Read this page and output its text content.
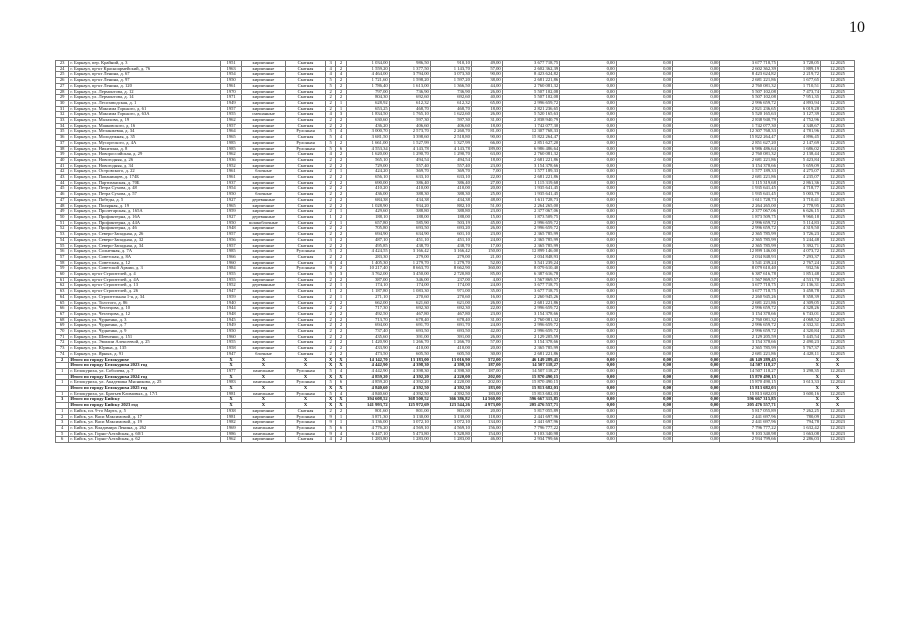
10
23	г. Барнаул, пер. Крайний, д. 3	1951	кирпичные	Скатная	3	2	1 034,00	986,50	910,10	49,00	3 677 718,75	0,00	0,00	0,00	3 677 718,75	3 728,05	12.2025
24	г. Барнаул, пр-кт Красноармейский, д. 76	1963	кирпичные	Скатная	4	2	1 559,20	1 377,50	1 143,70	57,00	2 602 362,39	0,00	0,00	0,00	2 602 362,39	1 889,19	12.2025
25	г. Барнаул, пр-кт Ленина, д. 67	1954	кирпичные	Скатная	4	4	4 464,00	3 794,00	3 073,30	90,00	8 423 624,82	0,00	0,00	0,00	8 423 624,82	2 219,72	12.2025
26	г. Барнаул, пр-кт Ленина, д. 97	1950	кирпичные	Скатная	5	2	1 721,60	1 598,20	1 597,20	38,00	2 681 221,86	0,00	0,00	0,00	2 681 221,86	1 677,65	12.2025
27	г. Барнаул, пр-кт Ленина, д. 120	1961	кирпичные	Скатная	5	2	1 786,40	1 613,00	1 366,50	44,00	2 760 081,32	0,00	0,00	0,00	2 760 081,32	1 710,51	12.2025
28	г. Барнаул, ул. Лермонтова, д. 12	1970	кирпичные	Скатная	2	2	797,00	736,90	736,90	26,00	5 507 102,08	0,00	0,00	0,00	5 507 102,08	7 473,74	12.2025
29	г. Барнаул, ул. Лермонтова, д. 14	1971	кирпичные	Скатная	2	2	804,30	692,60	692,60	40,00	5 507 102,08	0,00	0,00	0,00	5 507 102,08	7 951,35	12.2025
30	г. Барнаул, ул. Лесозаводская, д. 1	1949	кирпичные	Скатная	2	1	628,92	612,32	612,32	65,00	2 996 659,72	0,00	0,00	0,00	2 996 659,72	4 893,94	12.2025
31	г. Барнаул, ул. Максима Горького, д. 61	1957	кирпичные	Скатная	2	1	653,25	468,70	468,70	18,00	2 821 236,65	0,00	0,00	0,00	2 821 236,65	6 019,28	12.2025
32	г. Барнаул, ул. Максима Горького, д. 63А	1955	смешанные	Скатная	4	3	1 834,50	1 765,10	1 622,60	26,00	5 520 165,63	0,00	0,00	0,00	5 520 165,63	3 127,39	12.2025
33	г. Барнаул, ул. Малахова, д. 19	1962	кирпичные	Скатная	2	2	630,60	597,30	597,30	31,00	2 838 940,79	0,00	0,00	0,00	2 838 940,79	4 752,96	12.2025
34	г. Барнаул, ул. Маяковского, д. 16	1957	кирпичные	Скатная	2	2	436,20	406,60	406,60	18,00	1 742 077,30	0,00	0,00	0,00	1 742 077,30	4 348,67	12.2025
35	г. Барнаул, ул. Меланжевая, д. 34	1964	кирпичные	Рулонная	5	4	3 000,70	2 573,70	2 260,70	81,00	12 307 768,33	0,00	0,00	0,00	12 307 768,33	4 781,96	12.2025
36	г. Барнаул, ул. Молодежная, д. 35	1965	кирпичные	Скатная	5	4	3 681,50	3 398,60	2 518,80	90,00	15 822 264,47	0,00	0,00	0,00	15 822 264,47	4 896,45	12.2025
37	г. Барнаул, ул. Мусоргского, д. 4А	1985	кирпичные	Рулонная	5	2	1 661,00	1 527,99	1 327,99	66,00	2 851 627,20	0,00	0,00	0,00	2 851 627,20	2 147,69	12.2025
38	г. Барнаул, ул. Никитина, д. 8	1985	кирпичные	Рулонная	5	6	4 553,34	4 143,78	4 143,78	189,00	6 986 486,64	0,00	0,00	0,00	6 986 486,64	1 686,02	12.2025
39	г. Барнаул, ул. Новороссийская, д. 29	1962	кирпичные	Скатная	4	2	1 620,00	1 290,70	1 290,70	63,00	2 760 081,32	0,00	0,00	0,00	2 760 081,32	2 138,44	12.2025
40	г. Барнаул, ул. Новогодняя, д. 26	1936	кирпичные	Скатная	2	2	565,10	494,54	494,54	18,00	2 681 221,86	0,00	0,00	0,00	2 681 221,86	5 423,84	12.2025
41	г. Барнаул, ул. Новогодняя, д. 34	1952	кирпичные	Скатная	2	2	729,00	557,40	557,40	23,00	3 154 378,66	0,00	0,00	0,00	3 154 378,66	5 659,09	12.2025
42	г. Барнаул, ул. Островского, д. 22	1961	блочные	Скатная	2	1	424,20	369,70	369,70	7,00	1 577 189,33	0,00	0,00	0,00	1 577 189,33	4 275,07	12.2025
43	г. Барнаул, ул. Папанинцев, д. 174Б	1961	кирпичные	Скатная	2	2	656,10	633,10	633,10	22,00	2 681 221,86	0,00	0,00	0,00	2 681 221,86	4 235,07	12.2025
44	г. Барнаул, ул. Партизанская, д. 70Б	1937	кирпичные	Скатная	2	2	690,00	386,40	386,40	27,00	1 115 319,68	0,00	0,00	0,00	1 115 319,68	2 861,36	12.2025
45	г. Барнаул, ул. Петра Сухова, д. 48	1954	кирпичные	Скатная	2	2	410,20	410,00	410,00	20,00	1 935 641,45	0,00	0,00	0,00	1 935 641,45	4 718,77	12.2025
46	г. Барнаул, ул. Петра Сухова, д. 57	1950	блочные	Скатная	2	2	436,00	388,30	388,30	25,00	1 935 641,45	0,00	0,00	0,00	1 935 641,45	5 003,79	12.2025
47	г. Барнаул, ул. Победы, д. 5	1927	деревянные	Скатная	2	2	684,38	434,38	434,38	48,00	1 611 728,73	0,00	0,00	0,00	1 611 728,73	3 710,41	12.2025
48	г. Барнаул, ул. Полярная, д. 19	1965	кирпичные	Скатная	2	2	1 028,90	934,20	882,10	51,00	2 264 265,00	0,00	0,00	0,00	2 264 265,00	2 778,95	12.2025
49	г. Барнаул, ул. Пролетарская, д. 165А	1959	кирпичные	Скатная	2	1	429,60	388,80	388,80	23,00	2 377 067,06	0,00	0,00	0,00	2 377 067,06	6 626,15	12.2025
50	г. Барнаул, ул. Профинтерна, д. 16А	1927	деревянные	Скатная	1	2	188,10	188,00	188,00	15,00	1 873 509,75	0,00	0,00	0,00	1 873 509,75	9 960,18	12.2025
51	г. Барнаул, ул. Профинтерна, д. 44А	1950	шлакоблочные	Скатная	2	1	657,80	585,90	503,19	45,00	2 996 659,72	0,00	0,00	0,00	2 996 659,72	5 114,83	12.2025
52	г. Барнаул, ул. Профинтерна, д. 46	1948	кирпичные	Скатная	2	2	705,80	693,50	693,20	26,00	2 996 659,72	0,00	0,00	0,00	2 996 659,72	4 319,50	12.2025
53	г. Барнаул, ул. Северо-Западная, д. 26	1957	кирпичные	Скатная	2	2	694,90	634,90	601,10	23,00	2 365 785,99	0,00	0,00	0,00	2 365 785,99	3 726,23	12.2025
54	г. Барнаул, ул. Северо-Западная, д. 32	1956	кирпичные	Скатная	3	2	487,10	451,10	451,10	24,00	2 365 785,99	0,00	0,00	0,00	2 365 785,99	5 244,48	12.2025
55	г. Барнаул, ул. Северо-Западная, д. 34	1957	кирпичные	Скатная	2	2	495,85	438,70	438,70	17,00	2 365 785,99	0,00	0,00	0,00	2 365 785,99	5 392,71	12.2025
56	г. Барнаул, ул. Солнечная, д. 7А	1985	кирпичные	Рулонная	5	2	4 424,55	3 166,42	3 166,42	150,00	12 899 146,00	0,00	0,00	0,00	12 899 146,00	4 073,72	12.2025
57	г. Барнаул, ул. Советская, д. 8А	1966	кирпичные	Скатная	2	2	283,30	279,00	279,00	21,00	2 034 848,93	0,00	0,00	0,00	2 034 848,93	7 293,37	12.2025
58	г. Барнаул, ул. Советская, д. 12	1960	кирпичные	Скатная	4	4	1 405,30	1 279,70	1 279,70	52,00	3 541 239,24	0,00	0,00	0,00	3 541 239,24	2 767,24	12.2025
59	г. Барнаул, ул. Советской Армии, д. 3	1984	панельные	Рулонная	9	2	10 217,40	8 663,70	8 662,90	360,00	8 079 610,40	0,00	0,00	0,00	8 079 610,40	932,56	12.2025
60	г. Барнаул, пр-кт Строителей, д. 4	1955	кирпичные	Скатная	5	3	3 762,00	3 450,00	2 720,80	85,00	6 387 616,78	0,00	0,00	0,00	6 387 616,78	1 851,48	12.2025
61	г. Барнаул, пр-кт Строителей, д. 4А	1955	кирпичные	Скатная	2	2	387,00	346,00	237,00	4,00	1 567 869,57	0,00	0,00	0,00	1 567 869,57	4 531,70	12.2025
62	г. Барнаул, пр-кт Строителей, д. 13	1952	деревянные	Скатная	2	1	174,10	174,00	174,00	24,00	3 677 718,75	0,00	0,00	0,00	3 677 718,75	21 136,31	12.2025
63	г. Барнаул, пр-кт Строителей, д. 26	1947	кирпичные	Скатная	1	2	1 187,80	1 083,30	971,00	35,00	3 677 718,75	0,00	0,00	0,00	3 677 718,75	3 458,78	12.2025
64	г. Барнаул, ул. Строительная 1-я, д. 34	1959	кирпичные	Скатная	2	1	271,10	270,60	270,60	16,00	2 260 945,26	0,00	0,00	0,00	2 260 945,26	8 358,39	12.2025
65	г. Барнаул, ул. Толстого, д. 86	1940	кирпичные	Скатная	2	2	662,00	621,60	621,00	26,00	2 681 221,86	0,00	0,00	0,00	2 681 221,86	4 309,05	12.2025
66	г. Барнаул, ул. Чеглецова, д. 10	1944	кирпичные	Скатная	2	2	717,30	692,30	692,30	22,00	2 996 659,72	0,00	0,00	0,00	2 996 659,72	4 328,26	12.2025
67	г. Барнаул, ул. Чеглецова, д. 12	1948	кирпичные	Скатная	2	2	492,50	467,80	467,80	23,00	3 154 378,66	0,00	0,00	0,00	3 154 378,66	6 743,01	12.2025
68	г. Барнаул, ул. Чудненко, д. 3	1945	кирпичные	Скатная	2	2	713,70	678,40	678,40	31,00	2 760 081,32	0,00	0,00	0,00	2 760 081,32	4 068,52	12.2025
69	г. Барнаул, ул. Чудненко, д. 7	1949	кирпичные	Скатная	2	2	694,00	691,70	691,70	24,00	2 996 659,72	0,00	0,00	0,00	2 996 659,72	4 332,31	12.2025
70	г. Барнаул, ул. Чудненко, д. 9	1950	кирпичные	Скатная	2	2	737,40	693,50	693,50	42,00	2 996 659,72	0,00	0,00	0,00	2 996 659,72	4 320,84	12.2025
71	г. Барнаул, ул. Шевченко, д. 151	1960	кирпичные	Скатная	2	2	435,60	391,00	391,00	26,00	2 129 205,59	0,00	0,00	0,00	2 129 205,59	5 445,54	12.2025
72	г. Барнаул, ул. Эмилии Алексеевой, д. 25	1955	кирпичные	Скатная	2	2	1 420,90	1 266,70	1 266,70	57,00	3 154 378,66	0,00	0,00	0,00	3 154 378,66	2 490,23	12.2025
73	г. Барнаул, ул. Юрина, д. 135	1958	кирпичные	Скатная	2	2	433,90	410,00	410,00	20,00	2 365 785,99	0,00	0,00	0,00	2 365 785,99	5 767,37	12.2025
74	г. Барнаул, ул. Ярных, д. 91	1947	блочные	Скатная	2	2	473,50	605,50	605,50	30,00	2 681 221,86	0,00	0,00	0,00	2 681 221,86	4 428,11	12.2025
2	Итого по городу Белокурихе	X	X	X	X	X	14 142,70	13 183,00	13 016,90	572,00	46 149 289,45	0,00	0,00	0,00	46 149 289,45	X	X
	Итого по городу Белокуриха 2023 год	X	X	X	X	X	4 442,90	4 398,30	4 398,30	187,00	14 507 118,27	0,00	0,00	0,00	14 507 118,27	X	X
1	г. Белокуриха, ул. Соболева, д. 7	1977	панельные	Рулонная	5	4	4 442,90	4 398,30	4 398,30	187,00	14 507 118,27	0,00	0,00	0,00	14 507 118,27	3 298,35	12.2023
	Итого по городу Белокуриха 2024 год	X	X	X	X	X	4 859,20	4 392,20	4 220,00	202,00	15 870 490,15	0,00	0,00	0,00	15 870 490,15	X	X
1	г. Белокуриха, ул. Академика Мясникова, д. 25	1983	панельные	Рулонная	5	6	4 859,20	4 392,20	4 220,00	202,00	15 870 490,15	0,00	0,00	0,00	15 870 490,15	3 613,33	12.2024
	Итого по городу Белокуриха 2025 год	X	X	X	X	X	4 840,60	4 392,50	4 392,50	183,00	15 813 682,03	0,00	0,00	0,00	15 813 682,03	X	X
1	г. Белокуриха, ул. Братьев Климовых, д. 17/1	1981	панельные	Рулонная	5	4	4 840,60	4 392,50	4 392,50	183,00	15 813 682,03	0,00	0,00	0,00	15 813 682,03	3 600,16	12.2025
3	Итого по городу Бийску	X	X	X	X	X	394 608,52	368 500,52	366 386,82	14 560,00	596 667 315,85	0,00	0,00	0,00	596 667 315,85	X	X
	Итого по городу Бийску 2023 год	X	X	X	X	X	141 993,72	125 972,69	123 544,26	4 973,00	205 476 557,71	0,00	0,00	0,00	205 476 557,71	X	X
1	г. Бийск, пл. 9-го Марта, д. 5	1938	кирпичные	Скатная	2	2	801,60	801,00	801,00	20,00	5 817 055,89	0,00	0,00	0,00	5 817 055,89	7 262,25	12.2023
2	г. Бийск, ул. Васи Максимовой, д. 17	1981	кирпичные	Рулонная	9	1	3 871,30	3 130,00	3 130,00	118,00	2 441 697,96	0,00	0,00	0,00	2 441 697,96	780,09	12.2023
3	г. Бийск, ул. Васи Максимовой, д. 19	1982	кирпичные	Рулонная	9	1	3 136,00	3 072,10	3 072,10	134,00	2 441 697,96	0,00	0,00	0,00	2 441 697,96	794,78	12.2023
4	г. Бийск, ул. Владимира Ленина, д. 262	1969	панельные	Рулонная	5	6	4 776,20	4 569,10	4 569,10	156,00	7 796 777,22	0,00	0,00	0,00	7 796 777,22	1 632,42	12.2023
5	г. Бийск, ул. Горно-Алтайская, д. 60/1	1986	панельные	Рулонная	9	4	6 447,10	5 473,80	5 328,80	154,00	9 103 340,98	0,00	0,00	0,00	9 103 340,98	1 663,08	12.2023
6	г. Бийск, ул. Горно-Алтайская, д. 62	1962	кирпичные	Скатная	4	2	1 283,80	1 283,00	1 283,00	46,00	2 934 799,66	0,00	0,00	0,00	2 934 799,66	2 286,03	12.2023
